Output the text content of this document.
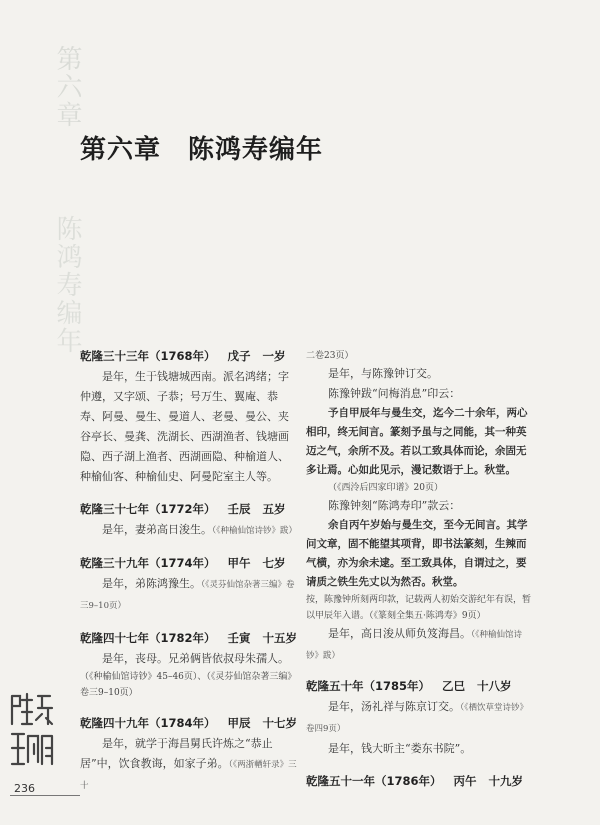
第六章
陈鸿寿编年
第六章　陈鸿寿编年

乾隆三十三年（1768年） 戊子 一岁

是年，生于钱塘城西南。派名鸿绪；字仲遵，又字颂、子恭；号万生、翼庵、恭寿、阿曼、曼生、曼道人、老曼、曼公、夹谷亭长、曼龚、洗湖长、西湖渔者、钱塘画隐、西子湖上渔者、西湖画隐、种榆道人、种榆仙客、种榆仙史、阿曼陀室主人等。

乾隆三十七年（1772年） 壬辰 五岁

是年，妻弟高日浚生。（《种榆仙馆诗钞》跋）

乾隆三十九年（1774年） 甲午 七岁

是年，弟陈鸿豫生。（《灵芬仙馆杂著三编》卷三9–10页）

乾隆四十七年（1782年） 壬寅 十五岁

是年，丧母。兄弟俩皆依叔母朱孺人。

（《种榆仙馆诗钞》45–46页）、（《灵芬仙馆杂著三编》卷三9–10页）

乾隆四十九年（1784年） 甲辰 十七岁

是年，就学于海昌舅氏许炼之“恭止居”中，饮食教诲，如家子弟。（《两浙輶轩录》三十

二卷23页）

是年，与陈豫钟订交。

陈豫钟跋“问梅消息”印云：

予自甲辰年与曼生交，迄今二十余年，两心相印，终无间言。篆刻予虽与之同能，其一种英迈之气，余所不及。若以工致具体而论，余固无多让焉。心如此见示，漫记数语于上。秋堂。

（《西泠后四家印谱》20页）

陈豫钟刻“陈鸿寿印”款云：

余自丙午岁始与曼生交，至今无间言。其学问文章，固不能望其项背，即书法篆刻，生辣而气横，亦为余未逮。至工致具体，自谓过之，要请质之铁生先丈以为然否。秋堂。

按，陈豫钟所刻两印款，记载两人初始交游纪年有误，暂以甲辰年入谱。（《篆刻全集五·陈鸿寿》9页）

是年，高日浚从师负笈海昌。（《种榆仙馆诗钞》跋）

乾隆五十年（1785年） 乙巳 十八岁

是年，汤礼祥与陈京订交。（《栖饮草堂诗钞》卷四9页）

是年，钱大昕主“娄东书院”。

乾隆五十一年（1786年） 丙午 十九岁

236
